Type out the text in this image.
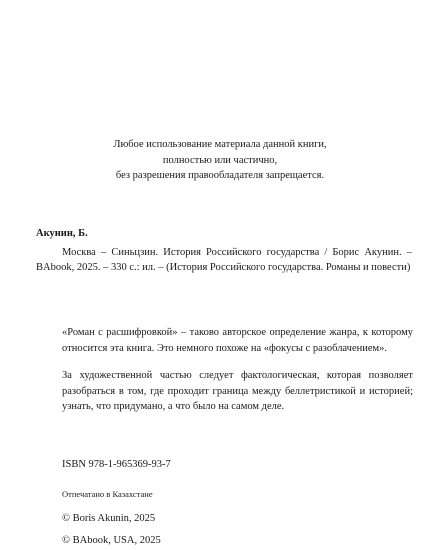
Любое использование материала данной книги,
полностью или частично,
без разрешения правообладателя запрещается.
Акунин, Б.
Москва – Синьцзин. История Российского государства / Борис Акунин. – BAbook, 2025. – 330 с.: ил. – (История Российского государства. Романы и повести)

«Роман с расшифровкой» – таково авторское определение жанра, к которому относится эта книга. Это немного похоже на «фокусы с разоблачением».

За художественной частью следует фактологическая, которая позволяет разобраться в том, где проходит граница между беллетристикой и историей; узнать, что придумано, а что было на самом деле.

ISBN 978-1-965369-93-7
Отпечатано в Казахстане
© Boris Akunin, 2025
© BAbook, USA, 2025
